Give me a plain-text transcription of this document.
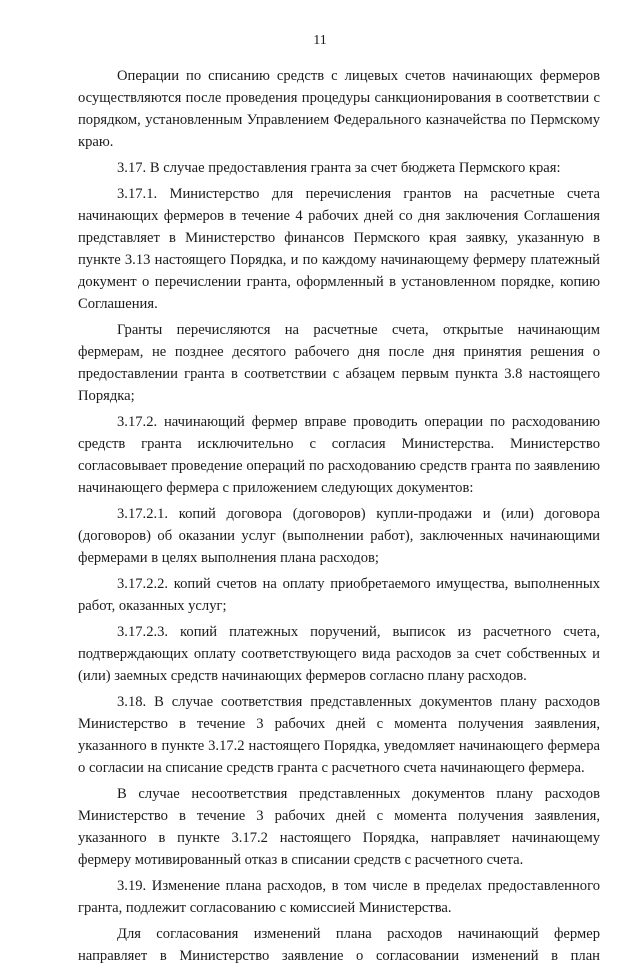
11

Операции по списанию средств с лицевых счетов начинающих фермеров осуществляются после проведения процедуры санкционирования в соответствии с порядком, установленным Управлением Федерального казначейства по Пермскому краю.

3.17. В случае предоставления гранта за счет бюджета Пермского края:

3.17.1. Министерство для перечисления грантов на расчетные счета начинающих фермеров в течение 4 рабочих дней со дня заключения Соглашения представляет в Министерство финансов Пермского края заявку, указанную в пункте 3.13 настоящего Порядка, и по каждому начинающему фермеру платежный документ о перечислении гранта, оформленный в установленном порядке, копию Соглашения.

Гранты перечисляются на расчетные счета, открытые начинающим фермерам, не позднее десятого рабочего дня после дня принятия решения о предоставлении гранта в соответствии с абзацем первым пункта 3.8 настоящего Порядка;

3.17.2. начинающий фермер вправе проводить операции по расходованию средств гранта исключительно с согласия Министерства. Министерство согласовывает проведение операций по расходованию средств гранта по заявлению начинающего фермера с приложением следующих документов:

3.17.2.1. копий договора (договоров) купли-продажи и (или) договора (договоров) об оказании услуг (выполнении работ), заключенных начинающими фермерами в целях выполнения плана расходов;

3.17.2.2. копий счетов на оплату приобретаемого имущества, выполненных работ, оказанных услуг;

3.17.2.3. копий платежных поручений, выписок из расчетного счета, подтверждающих оплату соответствующего вида расходов за счет собственных и (или) заемных средств начинающих фермеров согласно плану расходов.

3.18. В случае соответствия представленных документов плану расходов Министерство в течение 3 рабочих дней с момента получения заявления, указанного в пункте 3.17.2 настоящего Порядка, уведомляет начинающего фермера о согласии на списание средств гранта с расчетного счета начинающего фермера.

В случае несоответствия представленных документов плану расходов Министерство в течение 3 рабочих дней с момента получения заявления, указанного в пункте 3.17.2 настоящего Порядка, направляет начинающему фермеру мотивированный отказ в списании средств с расчетного счета.

3.19. Изменение плана расходов, в том числе в пределах предоставленного гранта, подлежит согласованию с комиссией Министерства.

Для согласования изменений плана расходов начинающий фермер направляет в Министерство заявление о согласовании изменений в план
